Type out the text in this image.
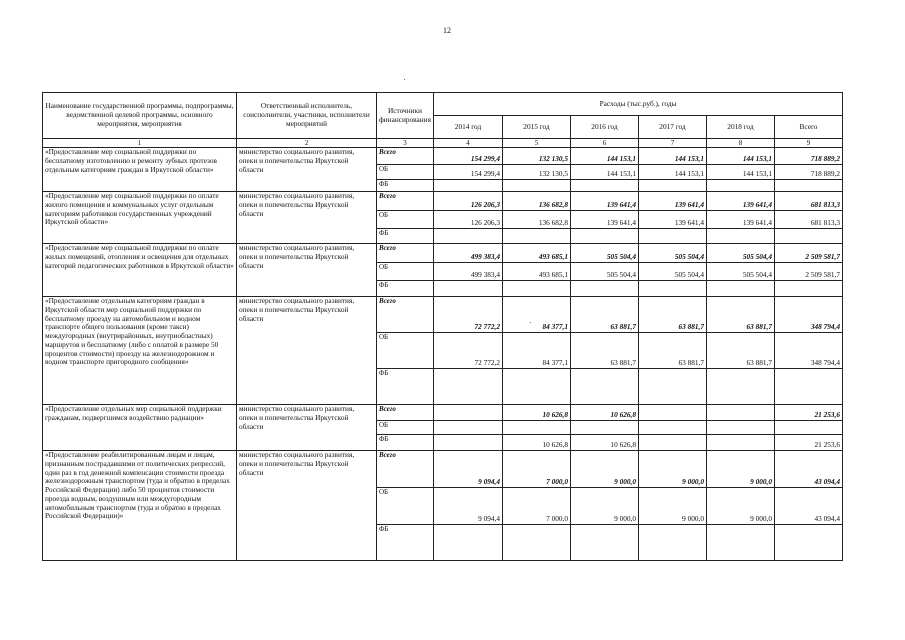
12
Наименование государственной программы, подпрограммы, ведомственной целевой программы, основного мероприятия, мероприятия	Ответственный исполнитель, соисполнители, участники, исполнители мероприятий	Источники финансирования	Расходы (тыс.руб.), годы					
			2014 год	2015 год	2016 год	2017 год	2018 год	Всего
1	2	3	4	5	6	7	8	9
«Предоставление мер социальной поддержки по бесплатному изготовлению и ремонту зубных протезов отдельным категориям граждан в Иркутской области»	министерство социального развития, опеки и попечительства Иркутской области	Всего	154 299,4	132 130,5	144 153,1	144 153,1	144 153,1	718 889,2
		ОБ	154 299,4	132 130,5	144 153,1	144 153,1	144 153,1	718 889,2
		ФБ						
«Предоставление мер социальной поддержки по оплате жилого помещения и коммунальных услуг отдельным категориям работников государственных учреждений Иркутской области»	министерство социального развития, опеки и попечительства Иркутской области	Всего	126 206,3	136 682,8	139 641,4	139 641,4	139 641,4	681 813,3
		ОБ	126 206,3	136 682,8	139 641,4	139 641,4	139 641,4	681 813,3
		ФБ						
«Предоставление мер социальной поддержки по оплате жилых помещений, отопления и освещения для отдельных категорий педагогических работников в Иркутской области»	министерство социального развития, опеки и попечительства Иркутской области	Всего	499 383,4	493 685,1	505 504,4	505 504,4	505 504,4	2 509 581,7
		ОБ	499 383,4	493 685,1	505 504,4	505 504,4	505 504,4	2 509 581,7
		ФБ						
«Предоставление отдельным категориям граждан в Иркутской области мер социальной поддержки по бесплатному проезду на автомобильном и водном транспорте общего пользования (кроме такси) междугородных (внутрирайонных, внутриобластных) маршрутов и бесплатному (либо с оплатой в размере 50 процентов стоимости) проезду на железнодорожном и водном транспорте пригородного сообщения»	министерство социального развития, опеки и попечительства Иркутской области	Всего	72 772,2	84 377,1	63 881,7	63 881,7	63 881,7	348 794,4
		ОБ	72 772,2	84 377,1	63 881,7	63 881,7	63 881,7	348 794,4
		ФБ						
«Предоставление отдельных мер социальной поддержки гражданам, подвергшимся воздействию радиации»	министерство социального развития, опеки и попечительства Иркутской области	Всего		10 626,8	10 626,8			21 253,6
		ОБ						
		ФБ		10 626,8	10 626,8			21 253,6
«Предоставление реабилитированным лицам и лицам, признанным пострадавшими от политических репрессий, один раз в год денежной компенсации стоимости проезда железнодорожным транспортом (туда и обратно в пределах Российской Федерации) либо 50 процентов стоимости проезда водным, воздушным или междугородным автомобильным транспортом (туда и обратно в пределах Российской Федерации)»	министерство социального развития, опеки и попечительства Иркутской области	Всего	9 094,4	7 000,0	9 000,0	9 000,0	9 000,0	43 094,4
		ОБ	9 094,4	7 000,0	9 000,0	9 000,0	9 000,0	43 094,4
		ФБ						
